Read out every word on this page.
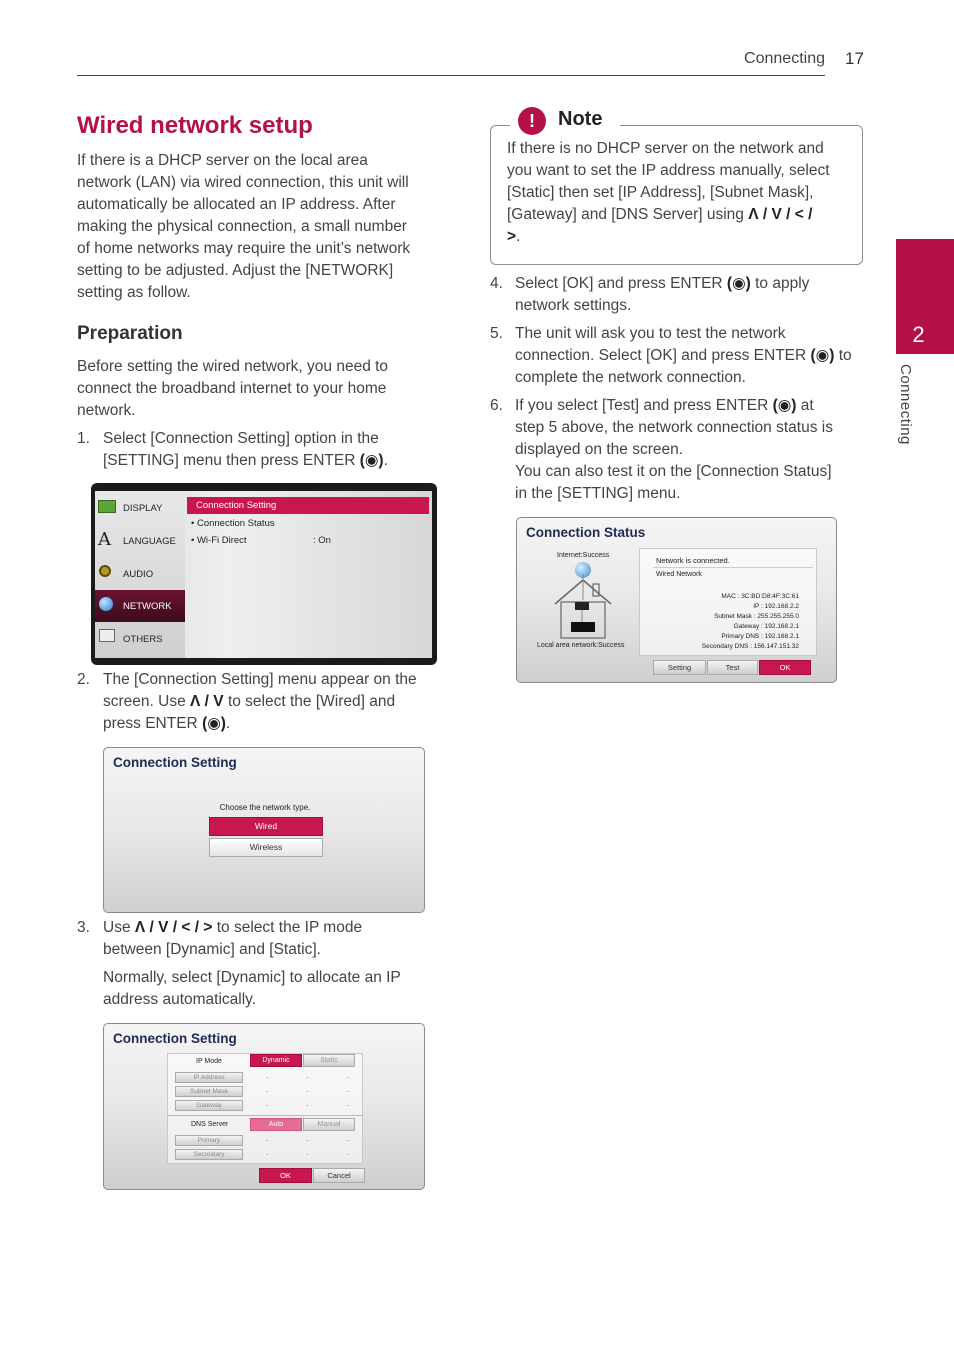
Connecting 17
2
Connecting
Wired network setup
If there is a DHCP server on the local area
network (LAN) via wired connection, this unit will
automatically be allocated an IP address. After
making the physical connection, a small number
of home networks may require the unit’s network
setting to be adjusted. Adjust the [NETWORK]
setting as follow.
Preparation
Before setting the wired network, you need to
connect the broadband internet to your home
network.
1. Select [Connection Setting] option in the
[SETTING] menu then press ENTER (◉).
DISPLAY
A LANGUAGE
AUDIO
NETWORK
OTHERS
Connection Setting
• Connection Status
• Wi-Fi Direct	: On
2. The [Connection Setting] menu appear on the
screen. Use Λ / V to select the [Wired] and
press ENTER (◉).
Connection Setting
Choose the network type.
Wired
Wireless
3. Use Λ / V / < / > to select the IP mode
between [Dynamic] and [Static].
Normally, select [Dynamic] to allocate an IP
address automatically.
Connection Setting
IP Mode	Dynamic	Static
IP Address	. . .
Subnet Mask	. . .
Gateway	. . .
DNS Server	Auto	Manual
Primary	. . .
Secondary	. . .
OK	Cancel
!	Note
If there is no DHCP server on the network and
you want to set the IP address manually, select
[Static] then set [IP Address], [Subnet Mask],
[Gateway] and [DNS Server] using Λ / V / < /
>.
4. Select [OK] and press ENTER (◉) to apply
network settings.
5. The unit will ask you to test the network
connection. Select [OK] and press ENTER (◉) to
complete the network connection.
6. If you select [Test] and press ENTER (◉) at
step 5 above, the network connection status is
displayed on the screen.
You can also test it on the [Connection Status]
in the [SETTING] menu.
Connection Status
Internet:Success
Local area network:Success
Network is connected.
Wired Network
MAC : 3C:BD:D8:4F:3C:61
IP : 192.168.2.2
Subnet Mask : 255.255.255.0
Gateway : 192.168.2.1
Primary DNS : 192.168.2.1
Secondary DNS : 156.147.151.32
Setting	Test	OK
